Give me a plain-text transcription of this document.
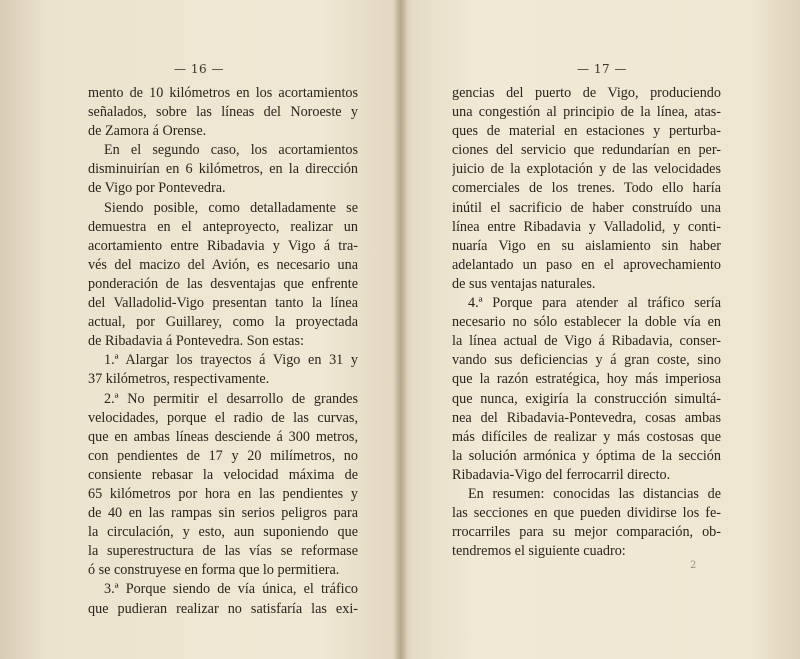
— 16 —
mento de 10 kilómetros en los acortamientos
señalados, sobre las líneas del Noroeste y
de Zamora á Orense.
En el segundo caso, los acortamientos
disminuirían en 6 kilómetros, en la dirección
de Vigo por Pontevedra.
Siendo posible, como detalladamente se
demuestra en el anteproyecto, realizar un
acortamiento entre Ribadavia y Vigo á tra-
vés del macizo del Avión, es necesario una
ponderación de las desventajas que enfrente
del Valladolid-Vigo presentan tanto la línea
actual, por Guillarey, como la proyectada
de Ribadavia á Pontevedra. Son estas:
1.ª Alargar los trayectos á Vigo en 31 y
37 kilómetros, respectivamente.
2.ª No permitir el desarrollo de grandes
velocidades, porque el radio de las curvas,
que en ambas líneas desciende á 300 metros,
con pendientes de 17 y 20 milímetros, no
consiente rebasar la velocidad máxima de
65 kilómetros por hora en las pendientes y
de 40 en las rampas sin serios peligros para
la circulación, y esto, aun suponiendo que
la superestructura de las vías se reformase
ó se construyese en forma que lo permitiera.
3.ª Porque siendo de vía única, el tráfico
que pudieran realizar no satisfaría las exi-
— 17 —
gencias del puerto de Vigo, produciendo
una congestión al principio de la línea, atas-
ques de material en estaciones y perturba-
ciones del servicio que redundarían en per-
juicio de la explotación y de las velocidades
comerciales de los trenes. Todo ello haría
inútil el sacrificio de haber construído una
línea entre Ribadavia y Valladolid, y conti-
nuaría Vigo en su aislamiento sin haber
adelantado un paso en el aprovechamiento
de sus ventajas naturales.
4.ª Porque para atender al tráfico sería
necesario no sólo establecer la doble vía en
la línea actual de Vigo á Ribadavia, conser-
vando sus deficiencias y á gran coste, sino
que la razón estratégica, hoy más imperiosa
que nunca, exigiría la construcción simultá-
nea del Ribadavia-Pontevedra, cosas ambas
más difíciles de realizar y más costosas que
la solución armónica y óptima de la sección
Ribadavia-Vigo del ferrocarril directo.
En resumen: conocidas las distancias de
las secciones en que pueden dividirse los fe-
rrocarriles para su mejor comparación, ob-
tendremos el siguiente cuadro:
2
